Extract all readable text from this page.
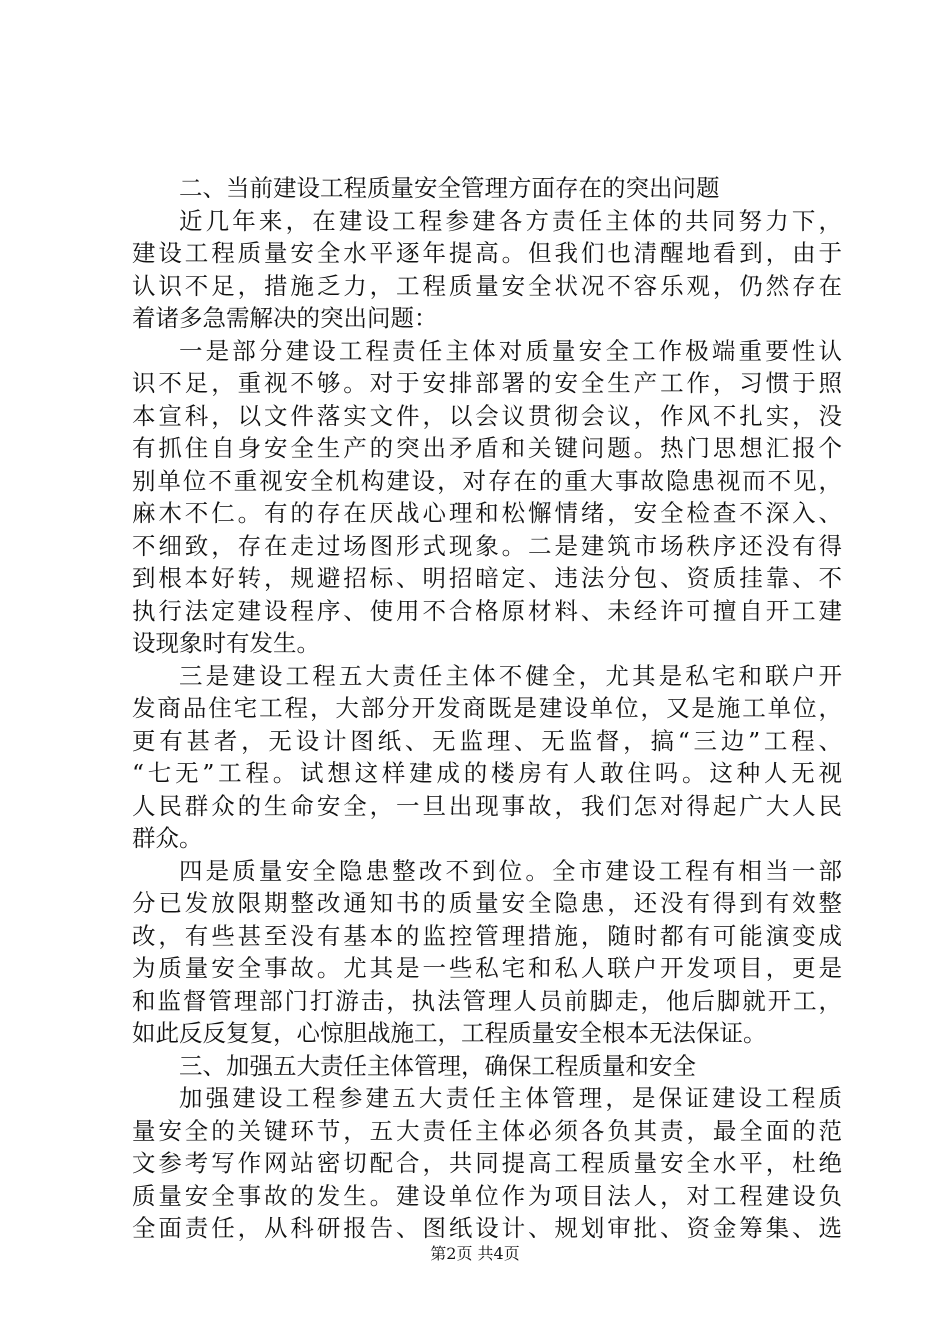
二、当前建设工程质量安全管理方面存在的突出问题
近几年来，在建设工程参建各方责任主体的共同努力下，
建设工程质量安全水平逐年提高。但我们也清醒地看到，由于
认识不足，措施乏力，工程质量安全状况不容乐观，仍然存在
着诸多急需解决的突出问题：
一是部分建设工程责任主体对质量安全工作极端重要性认
识不足，重视不够。对于安排部署的安全生产工作，习惯于照
本宣科，以文件落实文件，以会议贯彻会议，作风不扎实，没
有抓住自身安全生产的突出矛盾和关键问题。热门思想汇报个
别单位不重视安全机构建设，对存在的重大事故隐患视而不见，
麻木不仁。有的存在厌战心理和松懈情绪，安全检查不深入、
不细致，存在走过场图形式现象。二是建筑市场秩序还没有得
到根本好转，规避招标、明招暗定、违法分包、资质挂靠、不
执行法定建设程序、使用不合格原材料、未经许可擅自开工建
设现象时有发生。
三是建设工程五大责任主体不健全，尤其是私宅和联户开
发商品住宅工程，大部分开发商既是建设单位，又是施工单位，
更有甚者，无设计图纸、无监理、无监督，搞“三边”工程、
“七无”工程。试想这样建成的楼房有人敢住吗。这种人无视
人民群众的生命安全，一旦出现事故，我们怎对得起广大人民
群众。
四是质量安全隐患整改不到位。全市建设工程有相当一部
分已发放限期整改通知书的质量安全隐患，还没有得到有效整
改，有些甚至没有基本的监控管理措施，随时都有可能演变成
为质量安全事故。尤其是一些私宅和私人联户开发项目，更是
和监督管理部门打游击，执法管理人员前脚走，他后脚就开工，
如此反反复复，心惊胆战施工，工程质量安全根本无法保证。
三、加强五大责任主体管理，确保工程质量和安全
加强建设工程参建五大责任主体管理，是保证建设工程质
量安全的关键环节，五大责任主体必须各负其责，最全面的范
文参考写作网站密切配合，共同提高工程质量安全水平，杜绝
质量安全事故的发生。建设单位作为项目法人，对工程建设负
全面责任，从科研报告、图纸设计、规划审批、资金筹集、选
第2页 共4页
